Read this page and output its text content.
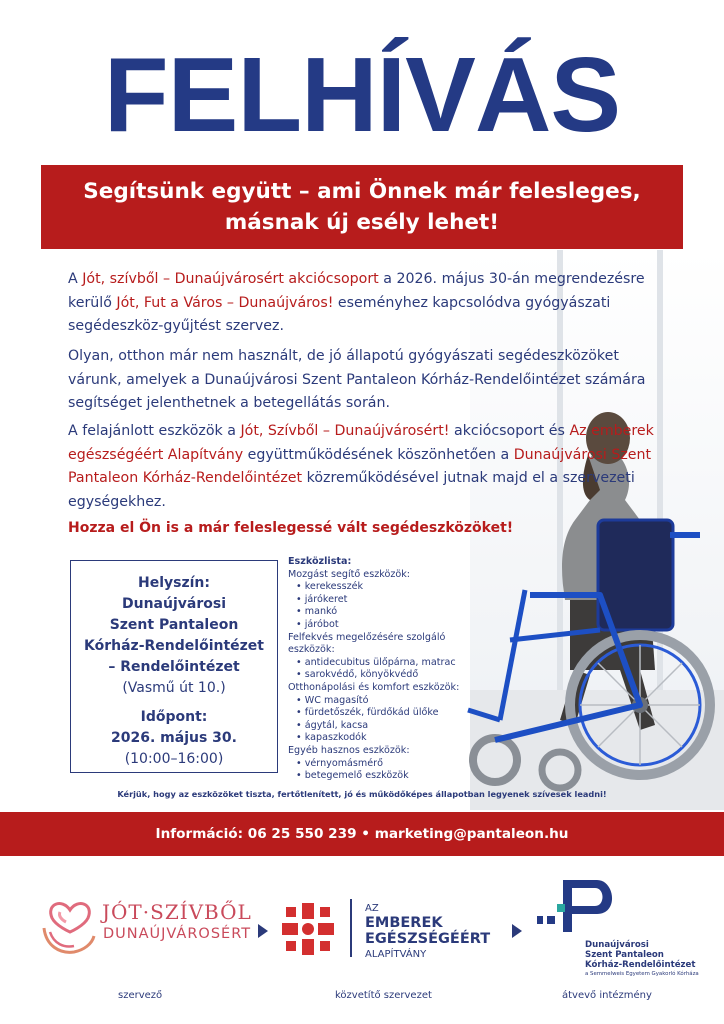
FELHÍVÁS
Segítsünk együtt – ami Önnek már felesleges,
másnak új esély lehet!
A Jót, szívből – Dunaújvárosért akciócsoport a 2026. május 30-án megrendezésre kerülő Jót, Fut a Város – Dunaújváros! eseményhez kapcsolódva gyógyászati segédeszköz-gyűjtést szervez.
Olyan, otthon már nem használt, de jó állapotú gyógyászati segédeszközöket várunk, amelyek a Dunaújvárosi Szent Pantaleon Kórház-Rendelőintézet számára segítséget jelenthetnek a betegellátás során.
A felajánlott eszközök a Jót, Szívből – Dunaújvárosért! akciócsoport és Az emberek egészségéért Alapítvány együttműködésének köszönhetően a Dunaújvárosi Szent Pantaleon Kórház-Rendelőintézet közreműködésével jutnak majd el a szervezeti egységekhez.
Hozza el Ön is a már feleslegessé vált segédeszközöket!
Helyszín:
Dunaújvárosi
Szent Pantaleon
Kórház-Rendelőintézet
– Rendelőintézet
(Vasmű út 10.)
Időpont:
2026. május 30.
(10:00–16:00)
Eszközlista:
Mozgást segítő eszközök:
• kerekesszék
• járókeret
• mankó
• járóbot
Felfekvés megelőzésére szolgáló eszközök:
• antidecubitus ülőpárna, matrac
• sarokvédő, könyökvédő
Otthonápolási és komfort eszközök:
• WC magasító
• fürdetőszék, fürdőkád ülőke
• ágytál, kacsa
• kapaszkodók
Egyéb hasznos eszközök:
• vérnyomásmérő
• betegemelő eszközök
Kérjük, hogy az eszközöket tiszta, fertőtlenített, jó és működőképes állapotban legyenek szívesek leadni!
Információ: 06 25 550 239 • marketing@pantaleon.hu
JÓT·SZÍVBŐL
DUNAÚJVÁROSÉRT
AZ
EMBEREK
EGÉSZSÉGÉÉRT
ALAPÍTVÁNY
Dunaújvárosi
Szent Pantaleon
Kórház-Rendelőintézet
a Semmelweis Egyetem Gyakorló Kórháza
szervező	közvetítő szervezet	átvevő intézmény
